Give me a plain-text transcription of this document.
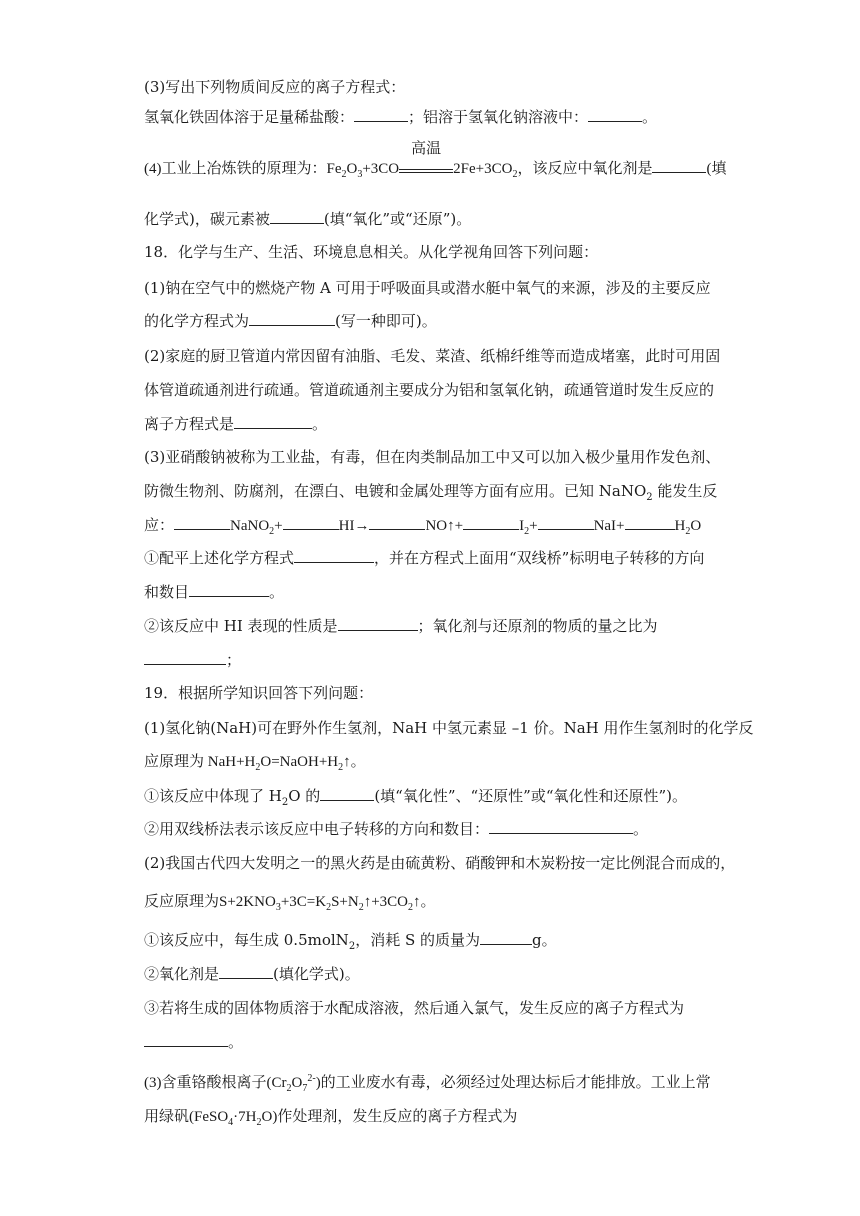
(3)写出下列物质间反应的离子方程式：
氢氧化铁固体溶于足量稀盐酸：	；铝溶于氢氧化钠溶液中：	。
(4)工业上冶炼铁的原理为：$Fe_2O_3+3CO$
高温
$2Fe+3CO_2$，该反应中氧化剂是	(填
化学式)，碳元素被	(填“氧化”或“还原”)。
18．化学与生产、生活、环境息息相关。从化学视角回答下列问题：
(1)钠在空气中的燃烧产物 A 可用于呼吸面具或潜水艇中氧气的来源，涉及的主要反应
的化学方程式为	(写一种即可)。
(2)家庭的厨卫管道内常因留有油脂、毛发、菜渣、纸棉纤维等而造成堵塞，此时可用固
体管道疏通剂进行疏通。管道疏通剂主要成分为铝和氢氧化钠，疏通管道时发生反应的
离子方程式是	。
(3)亚硝酸钠被称为工业盐，有毒，但在肉类制品加工中又可以加入极少量用作发色剂、
防微生物剂、防腐剂，在漂白、电镀和金属处理等方面有应用。已知 NaNO$_2$ 能发生反
应：	NaNO$_2$+	HI→	NO↑+	$I_2+$	NaI+	$H_2O$
①配平上述化学方程式	，并在方程式上面用“双线桥”标明电子转移的方向
和数目	。
②该反应中 HI 表现的性质是	；氧化剂与还原剂的物质的量之比为
；
19．根据所学知识回答下列问题：
(1)氢化钠(NaH)可在野外作生氢剂，NaH 中氢元素显 –1 价。NaH 用作生氢剂时的化学反
应原理为 $NaH+H_2O=NaOH+H_2↑$。
①该反应中体现了 $H_2O$ 的	(填“氧化性”、“还原性”或“氧化性和还原性”)。
②用双线桥法表示该反应中电子转移的方向和数目：	。
(2)我国古代四大发明之一的黑火药是由硫黄粉、硝酸钾和木炭粉按一定比例混合而成的，
反应原理为$S+2KNO_3+3C=K_2S+N_2↑+3CO_2↑$。
①该反应中，每生成 0.5molN$_2$，消耗 S 的质量为	g。
②氧化剂是	(填化学式)。
③若将生成的固体物质溶于水配成溶液，然后通入氯气，发生反应的离子方程式为
。
(3)含重铬酸根离子$(Cr_2O_7^{2-})$的工业废水有毒，必须经过处理达标后才能排放。工业上常
用绿矾$(FeSO_4\cdot 7H_2O)$作处理剂，发生反应的离子方程式为
